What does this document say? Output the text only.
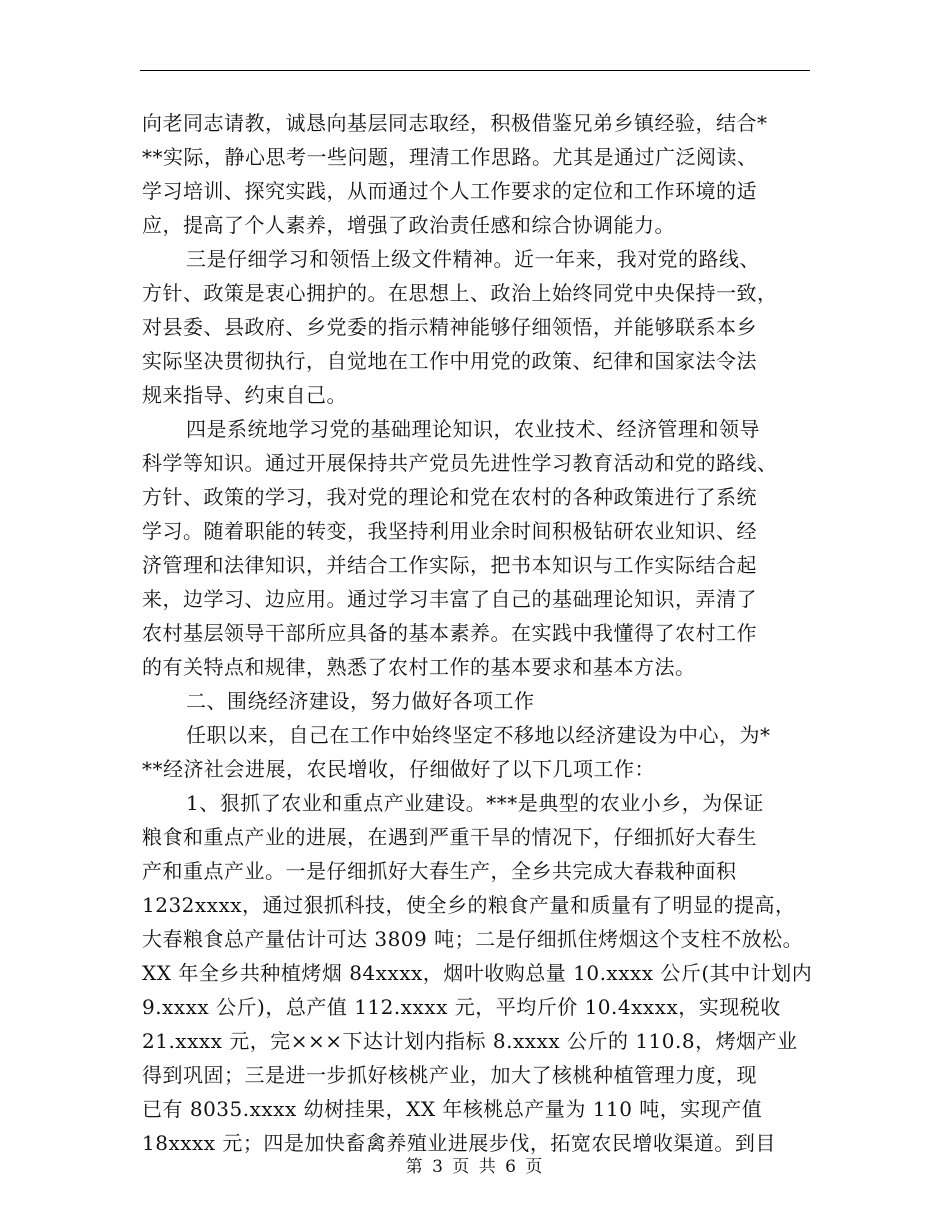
向老同志请教，诚恳向基层同志取经，积极借鉴兄弟乡镇经验，结合*

**实际，静心思考一些问题，理清工作思路。尤其是通过广泛阅读、

学习培训、探究实践，从而通过个人工作要求的定位和工作环境的适

应，提高了个人素养，增强了政治责任感和综合协调能力。

三是仔细学习和领悟上级文件精神。近一年来，我对党的路线、

方针、政策是衷心拥护的。在思想上、政治上始终同党中央保持一致，

对县委、县政府、乡党委的指示精神能够仔细领悟，并能够联系本乡

实际坚决贯彻执行，自觉地在工作中用党的政策、纪律和国家法令法

规来指导、约束自己。

四是系统地学习党的基础理论知识，农业技术、经济管理和领导

科学等知识。通过开展保持共产党员先进性学习教育活动和党的路线、

方针、政策的学习，我对党的理论和党在农村的各种政策进行了系统

学习。随着职能的转变，我坚持利用业余时间积极钻研农业知识、经

济管理和法律知识，并结合工作实际，把书本知识与工作实际结合起

来，边学习、边应用。通过学习丰富了自己的基础理论知识，弄清了

农村基层领导干部所应具备的基本素养。在实践中我懂得了农村工作

的有关特点和规律，熟悉了农村工作的基本要求和基本方法。

二、围绕经济建设，努力做好各项工作

任职以来，自己在工作中始终坚定不移地以经济建设为中心，为*

**经济社会进展，农民增收，仔细做好了以下几项工作：

1、狠抓了农业和重点产业建设。***是典型的农业小乡，为保证

粮食和重点产业的进展，在遇到严重干旱的情况下，仔细抓好大春生

产和重点产业。一是仔细抓好大春生产，全乡共完成大春栽种面积

1232xxxx，通过狠抓科技，使全乡的粮食产量和质量有了明显的提高，

大春粮食总产量估计可达 3809 吨；二是仔细抓住烤烟这个支柱不放松。

XX 年全乡共种植烤烟 84xxxx，烟叶收购总量 10.xxxx 公斤(其中计划内

9.xxxx 公斤)，总产值 112.xxxx 元，平均斤价 10.4xxxx，实现税收

21.xxxx 元，完×××下达计划内指标 8.xxxx 公斤的 110.8，烤烟产业

得到巩固；三是进一步抓好核桃产业，加大了核桃种植管理力度，现

已有 8035.xxxx 幼树挂果，XX 年核桃总产量为 110 吨，实现产值

18xxxx 元；四是加快畜禽养殖业进展步伐，拓宽农民增收渠道。到目

第 3 页 共 6 页
